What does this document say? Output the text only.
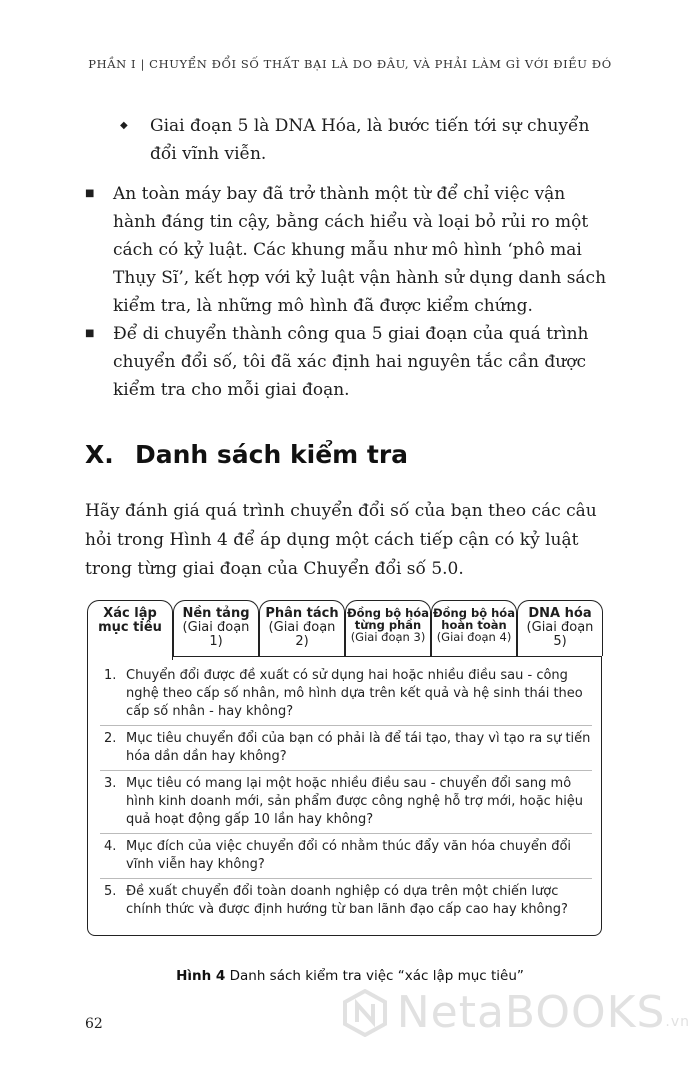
PHẦN I | CHUYỂN ĐỔI SỐ THẤT BẠI LÀ DO ĐÂU, VÀ PHẢI LÀM GÌ VỚI ĐIỀU ĐÓ
◆ Giai đoạn 5 là DNA Hóa, là bước tiến tới sự chuyển đổi vĩnh viễn.
■ An toàn máy bay đã trở thành một từ để chỉ việc vận hành đáng tin cậy, bằng cách hiểu và loại bỏ rủi ro một cách có kỷ luật. Các khung mẫu như mô hình ‘phô mai Thụy Sĩ’, kết hợp với kỷ luật vận hành sử dụng danh sách kiểm tra, là những mô hình đã được kiểm chứng.
■ Để di chuyển thành công qua 5 giai đoạn của quá trình chuyển đổi số, tôi đã xác định hai nguyên tắc cần được kiểm tra cho mỗi giai đoạn.
X. Danh sách kiểm tra
Hãy đánh giá quá trình chuyển đổi số của bạn theo các câu hỏi trong Hình 4 để áp dụng một cách tiếp cận có kỷ luật trong từng giai đoạn của Chuyển đổi số 5.0.
Xác lập
mục tiêu
Nền tảng
(Giai đoạn 1)
Phân tách
(Giai đoạn 2)
Đồng bộ hóa từng phần
(Giai đoạn 3)
Đồng bộ hóa hoàn toàn
(Giai đoạn 4)
DNA hóa
(Giai đoạn 5)
1. Chuyển đổi được đề xuất có sử dụng hai hoặc nhiều điều sau - công nghệ theo cấp số nhân, mô hình dựa trên kết quả và hệ sinh thái theo cấp số nhân - hay không?
2. Mục tiêu chuyển đổi của bạn có phải là để tái tạo, thay vì tạo ra sự tiến hóa dần dần hay không?
3. Mục tiêu có mang lại một hoặc nhiều điều sau - chuyển đổi sang mô hình kinh doanh mới, sản phẩm được công nghệ hỗ trợ mới, hoặc hiệu quả hoạt động gấp 10 lần hay không?
4. Mục đích của việc chuyển đổi có nhằm thúc đẩy văn hóa chuyển đổi vĩnh viễn hay không?
5. Đề xuất chuyển đổi toàn doanh nghiệp có dựa trên một chiến lược chính thức và được định hướng từ ban lãnh đạo cấp cao hay không?
Hình 4 Danh sách kiểm tra việc “xác lập mục tiêu”
62	NetaBOOKS .vn
